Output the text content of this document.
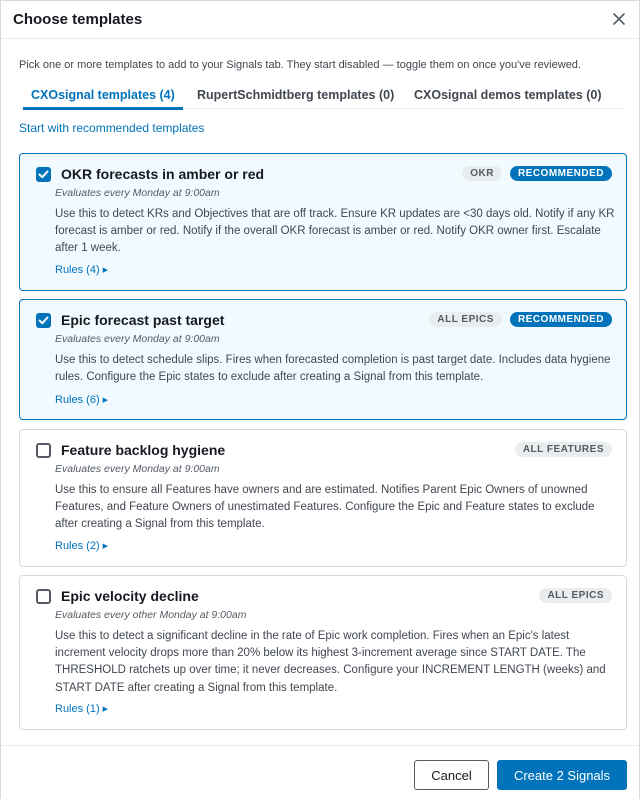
Choose templates
Pick one or more templates to add to your Signals tab. They start disabled — toggle them on once you've reviewed.
CXOsignal templates (4) RupertSchmidtberg templates (0) CXOsignal demos templates (0)
Start with recommended templates
OKR forecasts in amber or red	OKR	RECOMMENDED
Evaluates every Monday at 9:00am
Use this to detect KRs and Objectives that are off track. Ensure KR updates are <30 days old. Notify if any KR forecast is amber or red. Notify if the overall OKR forecast is amber or red. Notify OKR owner first. Escalate after 1 week.
Rules (4) ▶
Epic forecast past target	ALL EPICS	RECOMMENDED
Evaluates every Monday at 9:00am
Use this to detect schedule slips. Fires when forecasted completion is past target date. Includes data hygiene rules. Configure the Epic states to exclude after creating a Signal from this template.
Rules (6) ▶
Feature backlog hygiene	ALL FEATURES
Evaluates every Monday at 9:00am
Use this to ensure all Features have owners and are estimated. Notifies Parent Epic Owners of unowned Features, and Feature Owners of unestimated Features. Configure the Epic and Feature states to exclude after creating a Signal from this template.
Rules (2) ▶
Epic velocity decline	ALL EPICS
Evaluates every other Monday at 9:00am
Use this to detect a significant decline in the rate of Epic work completion. Fires when an Epic's latest increment velocity drops more than 20% below its highest 3-increment average since START DATE. The THRESHOLD ratchets up over time; it never decreases. Configure your INCREMENT LENGTH (weeks) and START DATE after creating a Signal from this template.
Rules (1) ▶
Cancel	Create 2 Signals
